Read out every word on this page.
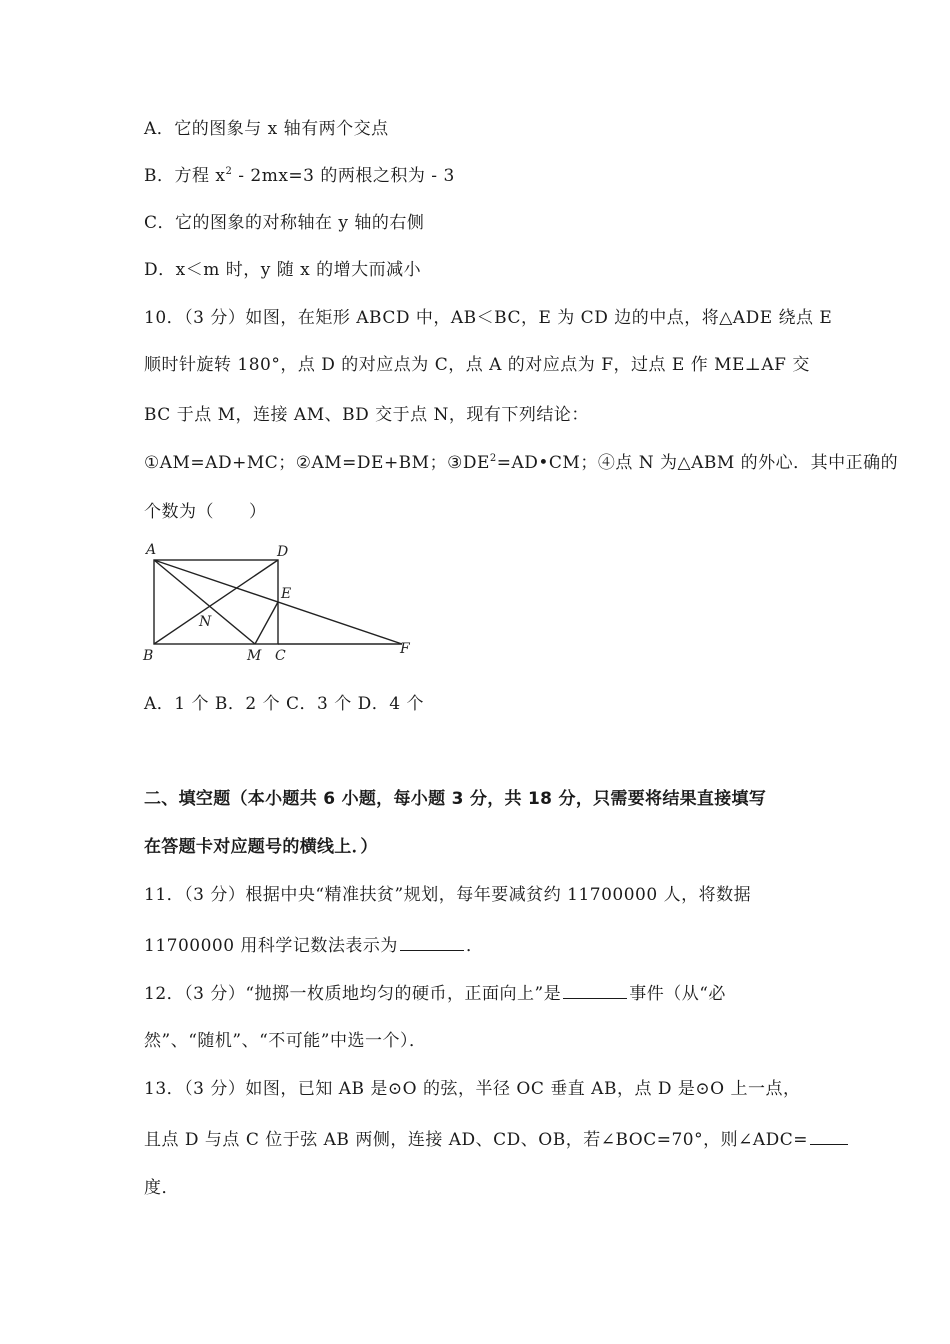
A．它的图象与 x 轴有两个交点
B．方程 $x^2 - 2mx=3$ 的两根之积为 - 3
C．它的图象的对称轴在 y 轴的右侧
D．x＜m 时，y 随 x 的增大而减小
10．（3 分）如图，在矩形 ABCD 中，AB＜BC，E 为 CD 边的中点，将△ADE 绕点 E
顺时针旋转 180°，点 D 的对应点为 C，点 A 的对应点为 F，过点 E 作 ME⊥AF 交
BC 于点 M，连接 AM、BD 交于点 N，现有下列结论：
①AM=AD+MC；②AM=DE+BM；$③DE^2=AD•CM$；④点 N 为△ABM 的外心．其中正确的
个数为（　　）
A	D
E
N
B	M C	F
A．1 个 B．2 个 C．3 个 D．4 个
二、填空题（本小题共 6 小题，每小题 3 分，共 18 分，只需要将结果直接填写
在答题卡对应题号的横线上．）
11．（3 分）根据中央“精准扶贫”规划，每年要减贫约 11700000 人，将数据
11700000 用科学记数法表示为	．
12．（3 分）“抛掷一枚质地均匀的硬币，正面向上”是	事件（从“必
然”、“随机”、“不可能”中选一个）．
13．（3 分）如图，已知 AB 是⊙O 的弦，半径 OC 垂直 AB，点 D 是⊙O 上一点，
且点 D 与点 C 位于弦 AB 两侧，连接 AD、CD、OB，若∠BOC=70°，则∠ADC=
度．
